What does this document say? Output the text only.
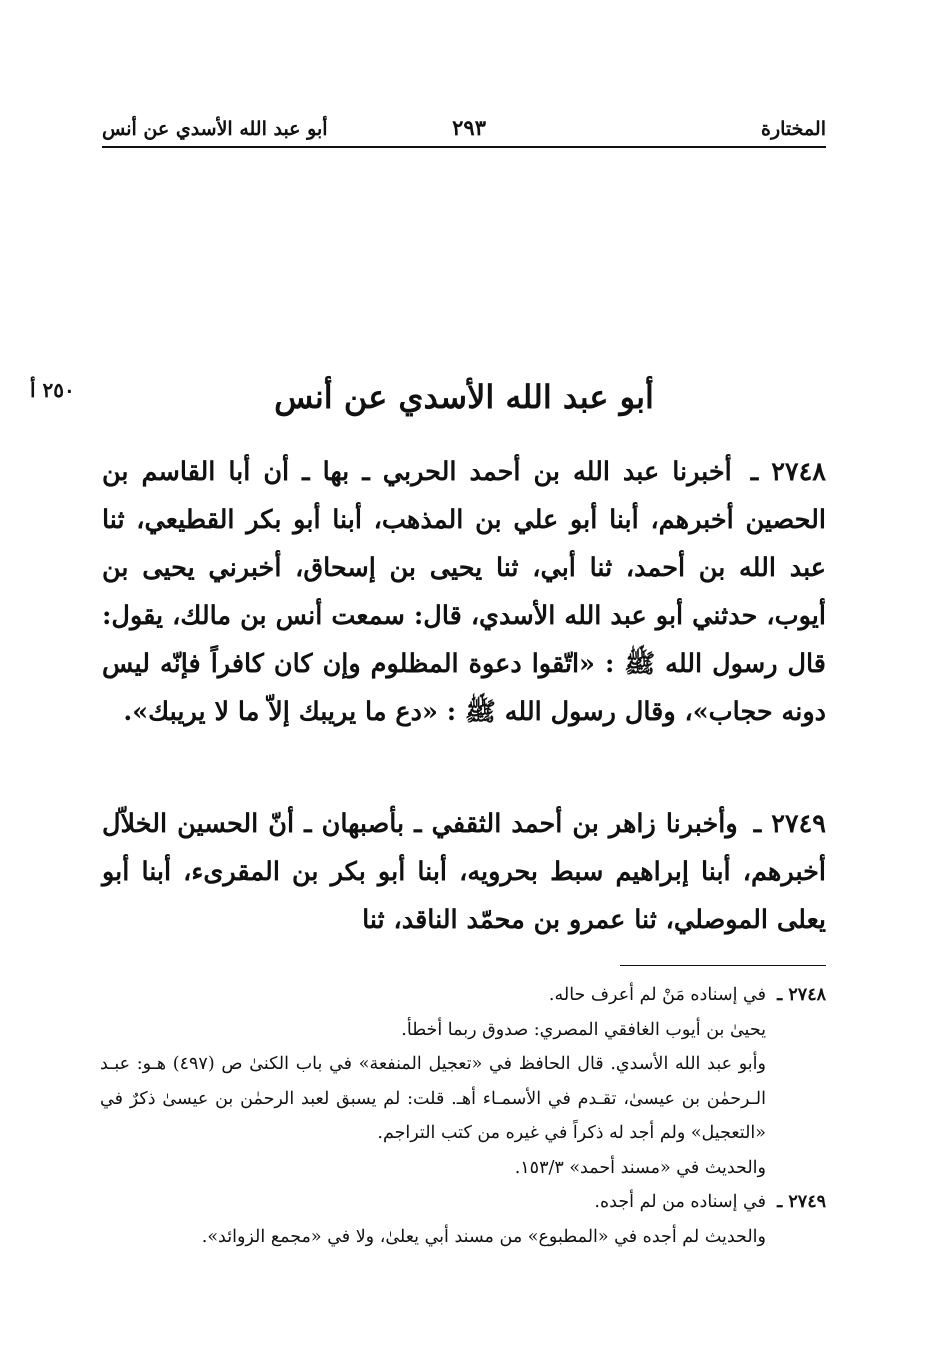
المختارة
٢٩٣
أبو عبد الله الأسدي عن أنس
٢٥٠ أ	أبو عبد الله الأسدي عن أنس

٢٧٤٨ ـ أخبرنا عبد الله بن أحمد الحربي ـ بها ـ أن أبا القاسم بن الحصين أخبرهم، أبنا أبو علي بن المذهب، أبنا أبو بكر القطيعي، ثنا عبد الله بن أحمد، ثنا أبي، ثنا يحيى بن إسحاق، أخبرني يحيى بن أيوب، حدثني أبو عبد الله الأسدي، قال: سمعت أنس بن مالك، يقول: قال رسول الله ﷺ : «اتّقوا دعوة المظلوم وإن كان كافراً فإنّه ليس دونه حجاب»، وقال رسول الله ﷺ : «دع ما يريبك إلاّ ما لا يريبك».

٢٧٤٩ ـ وأخبرنا زاهر بن أحمد الثقفي ـ بأصبهان ـ أنّ الحسين الخلاّل أخبرهم، أبنا إبراهيم سبط بحرويه، أبنا أبو بكر بن المقرىء، أبنا أبو يعلى الموصلي، ثنا عمرو بن محمّد الناقد، ثنا

٢٧٤٨ ـ

في إسناده مَنْ لم أعرف حاله.

يحيىٰ بن أيوب الغافقي المصري: صدوق ربما أخطأ.

وأبو عبد الله الأسدي. قال الحافظ في «تعجيل المنفعة» في باب الكنىٰ ص (٤٩٧) هـو: عبـد الـرحمٰن بن عيسىٰ، تقـدم في الأسمـاء أهـ. قلت: لم يسبق لعبد الرحمٰن بن عيسىٰ ذكرٌ في «التعجيل» ولم أجد له ذكراً في غيره من كتب التراجم.

والحديث في «مسند أحمد» ١٥٣/٣.

٢٧٤٩ ـ

في إسناده من لم أجده.

والحديث لم أجده في «المطبوع» من مسند أبي يعلىٰ، ولا في «مجمع الزوائد».
